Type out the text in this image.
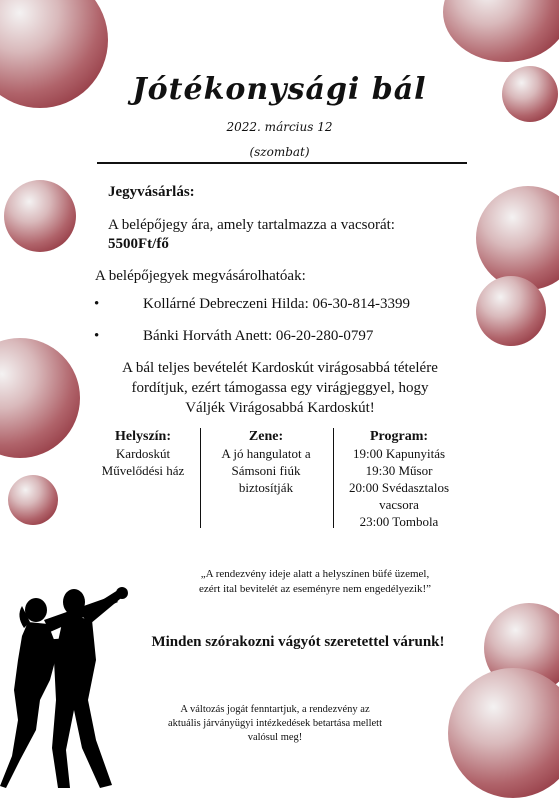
Jótékonysági bál
2022. március 12
(szombat)
Jegyvásárlás:
A belépőjegy ára, amely tartalmazza a vacsorát:
5500Ft/fő
A belépőjegyek megvásárolhatóak:
•	Kollárné Debreczeni Hilda: 06-30-814-3399
•	Bánki Horváth Anett: 06-20-280-0797
A bál teljes bevételét Kardoskút virágosabbá tételére
fordítjuk, ezért támogassa egy virágjeggyel, hogy
Váljék Virágosabbá Kardoskút!
Helyszín:
Kardoskút
Művelődési ház
Zene:
A jó hangulatot a
Sámsoni fiúk
biztosítják
Program:
19:00 Kapunyitás
19:30 Műsor
20:00 Svédasztalos
vacsora
23:00 Tombola
„A rendezvény ideje alatt a helyszínen büfé üzemel,
ezért ital bevitelét az eseményre nem engedélyezik!”
Minden szórakozni vágyót szeretettel várunk!
A változás jogát fenntartjuk, a rendezvény az
aktuális járványügyi intézkedések betartása mellett
valósul meg!
